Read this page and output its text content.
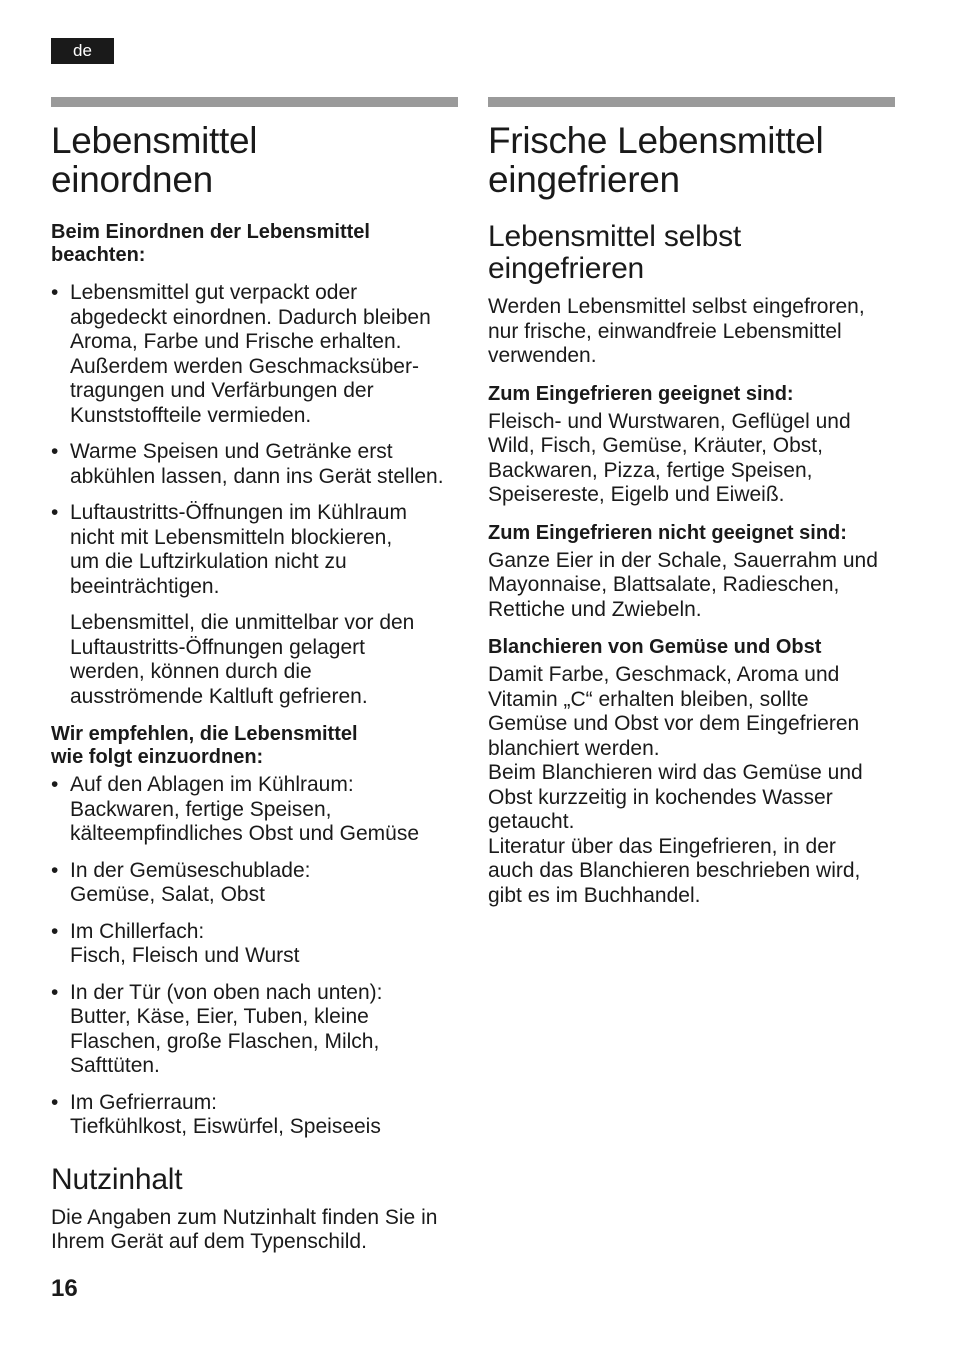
de
Lebensmittel
einordnen
Beim Einordnen der Lebensmittel
beachten:
• Lebensmittel gut verpackt oder
abgedeckt einordnen. Dadurch bleiben
Aroma, Farbe und Frische erhalten.
Außerdem werden Geschmacksüber-
tragungen und Verfärbungen der
Kunststoffteile vermieden.
• Warme Speisen und Getränke erst
abkühlen lassen, dann ins Gerät stellen.
• Luftaustritts-Öffnungen im Kühlraum
nicht mit Lebensmitteln blockieren,
um die Luftzirkulation nicht zu
beeinträchtigen.

Lebensmittel, die unmittelbar vor den
Luftaustritts-Öffnungen gelagert
werden, können durch die
ausströmende Kaltluft gefrieren.

Wir empfehlen, die Lebensmittel
wie folgt einzuordnen:
• Auf den Ablagen im Kühlraum:
Backwaren, fertige Speisen,
kälteempfindliches Obst und Gemüse
• In der Gemüseschublade:
Gemüse, Salat, Obst
• Im Chillerfach:
Fisch, Fleisch und Wurst
• In der Tür (von oben nach unten):
Butter, Käse, Eier, Tuben, kleine
Flaschen, große Flaschen, Milch,
Safttüten.
• Im Gefrierraum:
Tiefkühlkost, Eiswürfel, Speiseeis
Nutzinhalt

Die Angaben zum Nutzinhalt finden Sie in
Ihrem Gerät auf dem Typenschild.

Frische Lebensmittel
eingefrieren
Lebensmittel selbst
eingefrieren

Werden Lebensmittel selbst eingefroren,
nur frische, einwandfreie Lebensmittel
verwenden.

Zum Eingefrieren geeignet sind:

Fleisch- und Wurstwaren, Geflügel und
Wild, Fisch, Gemüse, Kräuter, Obst,
Backwaren, Pizza, fertige Speisen,
Speisereste, Eigelb und Eiweiß.

Zum Eingefrieren nicht geeignet sind:

Ganze Eier in der Schale, Sauerrahm und
Mayonnaise, Blattsalate, Radieschen,
Rettiche und Zwiebeln.

Blanchieren von Gemüse und Obst

Damit Farbe, Geschmack, Aroma und
Vitamin „C“ erhalten bleiben, sollte
Gemüse und Obst vor dem Eingefrieren
blanchiert werden.
Beim Blanchieren wird das Gemüse und
Obst kurzzeitig in kochendes Wasser
getaucht.
Literatur über das Eingefrieren, in der
auch das Blanchieren beschrieben wird,
gibt es im Buchhandel.

16
